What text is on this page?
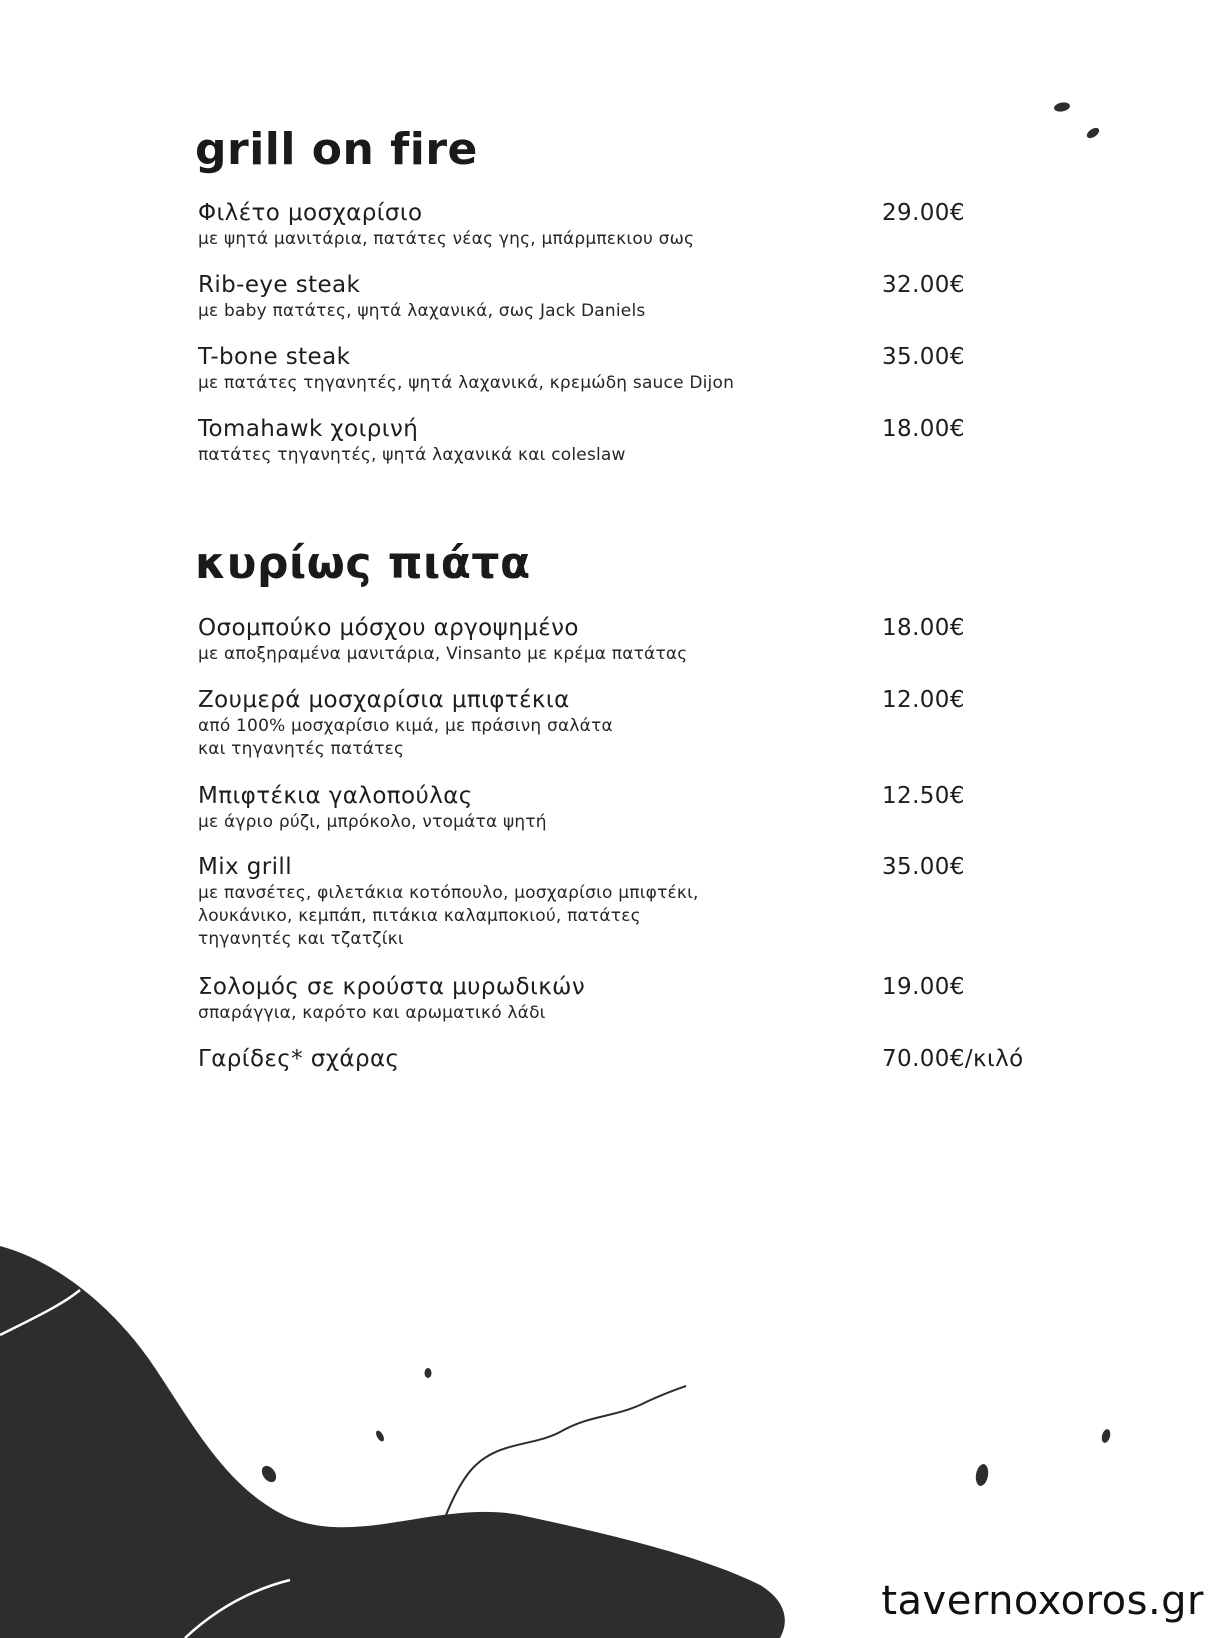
grill on fire
Φιλέτο μοσχαρίσιο
με ψητά μανιτάρια, πατάτες νέας γης, μπάρμπεκιου σως
29.00€
Rib-eye steak
με baby πατάτες, ψητά λαχανικά, σως Jack Daniels
32.00€
T-bone steak
με πατάτες τηγανητές, ψητά λαχανικά, κρεμώδη sauce Dijon
35.00€
Tomahawk χοιρινή
πατάτες τηγανητές, ψητά λαχανικά και coleslaw
18.00€
κυρίως πιάτα
Οσομπούκο μόσχου αργοψημένο
με αποξηραμένα μανιτάρια, Vinsanto με κρέμα πατάτας
18.00€
Ζουμερά μοσχαρίσια μπιφτέκια
από 100% μοσχαρίσιο κιμά, με πράσινη σαλάτα
και τηγανητές πατάτες
12.00€
Μπιφτέκια γαλοπούλας
με άγριο ρύζι, μπρόκολο, ντομάτα ψητή
12.50€
Mix grill
με πανσέτες, φιλετάκια κοτόπουλο, μοσχαρίσιο μπιφτέκι,
λουκάνικο, κεμπάπ, πιτάκια καλαμποκιού, πατάτες
τηγανητές και τζατζίκι
35.00€
Σολομός σε κρούστα μυρωδικών
σπαράγγια, καρότο και αρωματικό λάδι
19.00€
Γαρίδες* σχάρας	70.00€/κιλό
tavernoxoros.gr
